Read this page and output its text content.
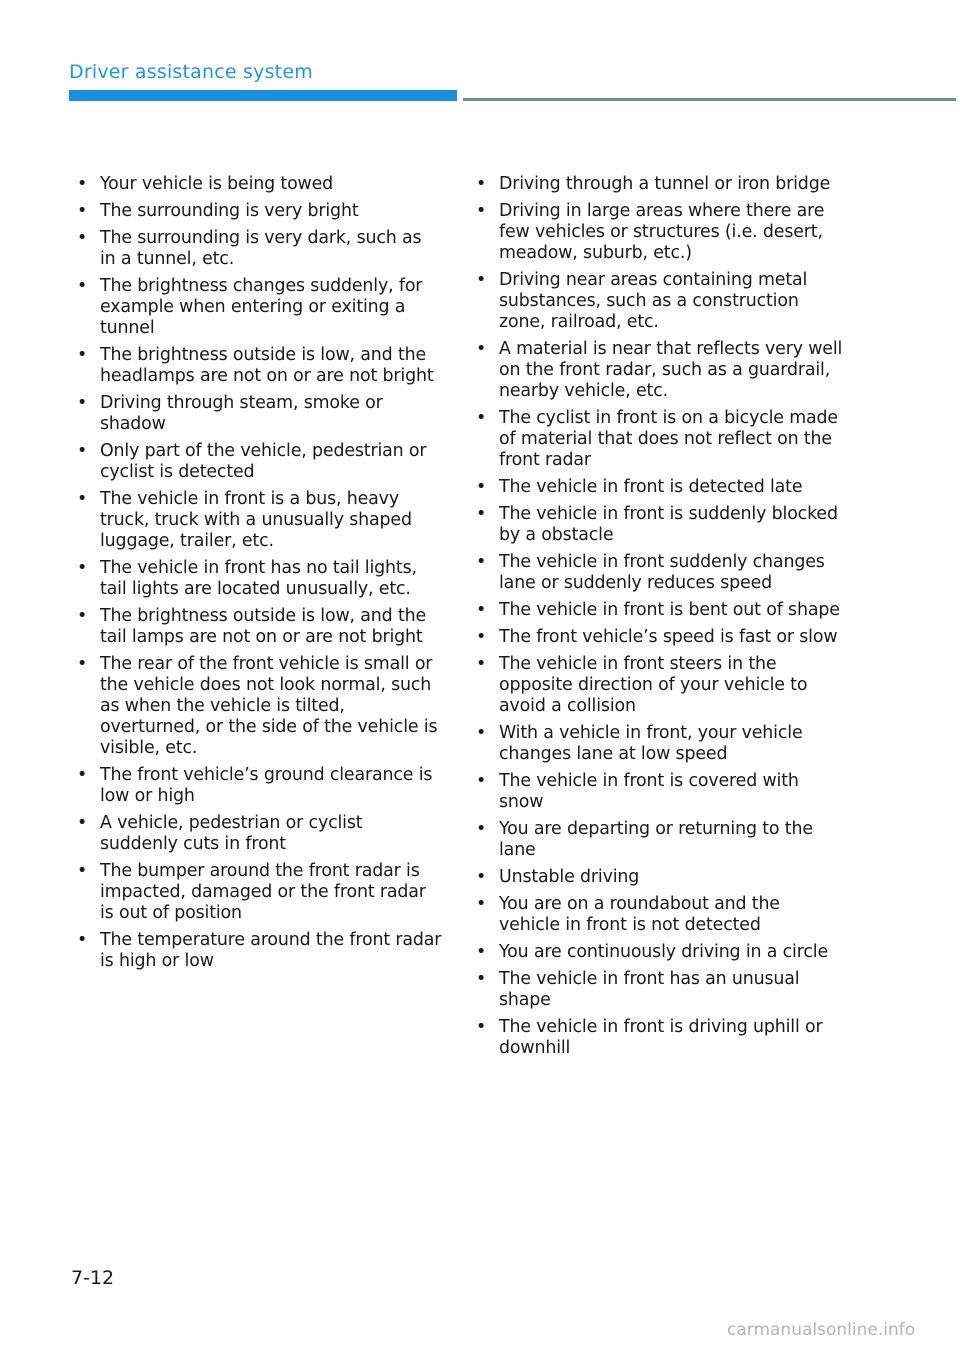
Driver assistance system
• Your vehicle is being towed
• The surrounding is very bright
• The surrounding is very dark, such as in a tunnel, etc.
• The brightness changes suddenly, for example when entering or exiting a tunnel
• The brightness outside is low, and the headlamps are not on or are not bright
• Driving through steam, smoke or shadow
• Only part of the vehicle, pedestrian or cyclist is detected
• The vehicle in front is a bus, heavy truck, truck with a unusually shaped luggage, trailer, etc.
• The vehicle in front has no tail lights, tail lights are located unusually, etc.
• The brightness outside is low, and the tail lamps are not on or are not bright
• The rear of the front vehicle is small or the vehicle does not look normal, such as when the vehicle is tilted, overturned, or the side of the vehicle is visible, etc.
• The front vehicle’s ground clearance is low or high
• A vehicle, pedestrian or cyclist suddenly cuts in front
• The bumper around the front radar is impacted, damaged or the front radar is out of position
• The temperature around the front radar is high or low
• Driving through a tunnel or iron bridge
• Driving in large areas where there are few vehicles or structures (i.e. desert, meadow, suburb, etc.)
• Driving near areas containing metal substances, such as a construction zone, railroad, etc.
• A material is near that reflects very well on the front radar, such as a guardrail, nearby vehicle, etc.
• The cyclist in front is on a bicycle made of material that does not reflect on the front radar
• The vehicle in front is detected late
• The vehicle in front is suddenly blocked by a obstacle
• The vehicle in front suddenly changes lane or suddenly reduces speed
• The vehicle in front is bent out of shape
• The front vehicle’s speed is fast or slow
• The vehicle in front steers in the opposite direction of your vehicle to avoid a collision
• With a vehicle in front, your vehicle changes lane at low speed
• The vehicle in front is covered with snow
• You are departing or returning to the lane
• Unstable driving
• You are on a roundabout and the vehicle in front is not detected
• You are continuously driving in a circle
• The vehicle in front has an unusual shape
• The vehicle in front is driving uphill or downhill
7-12
carmanualsonline.info
